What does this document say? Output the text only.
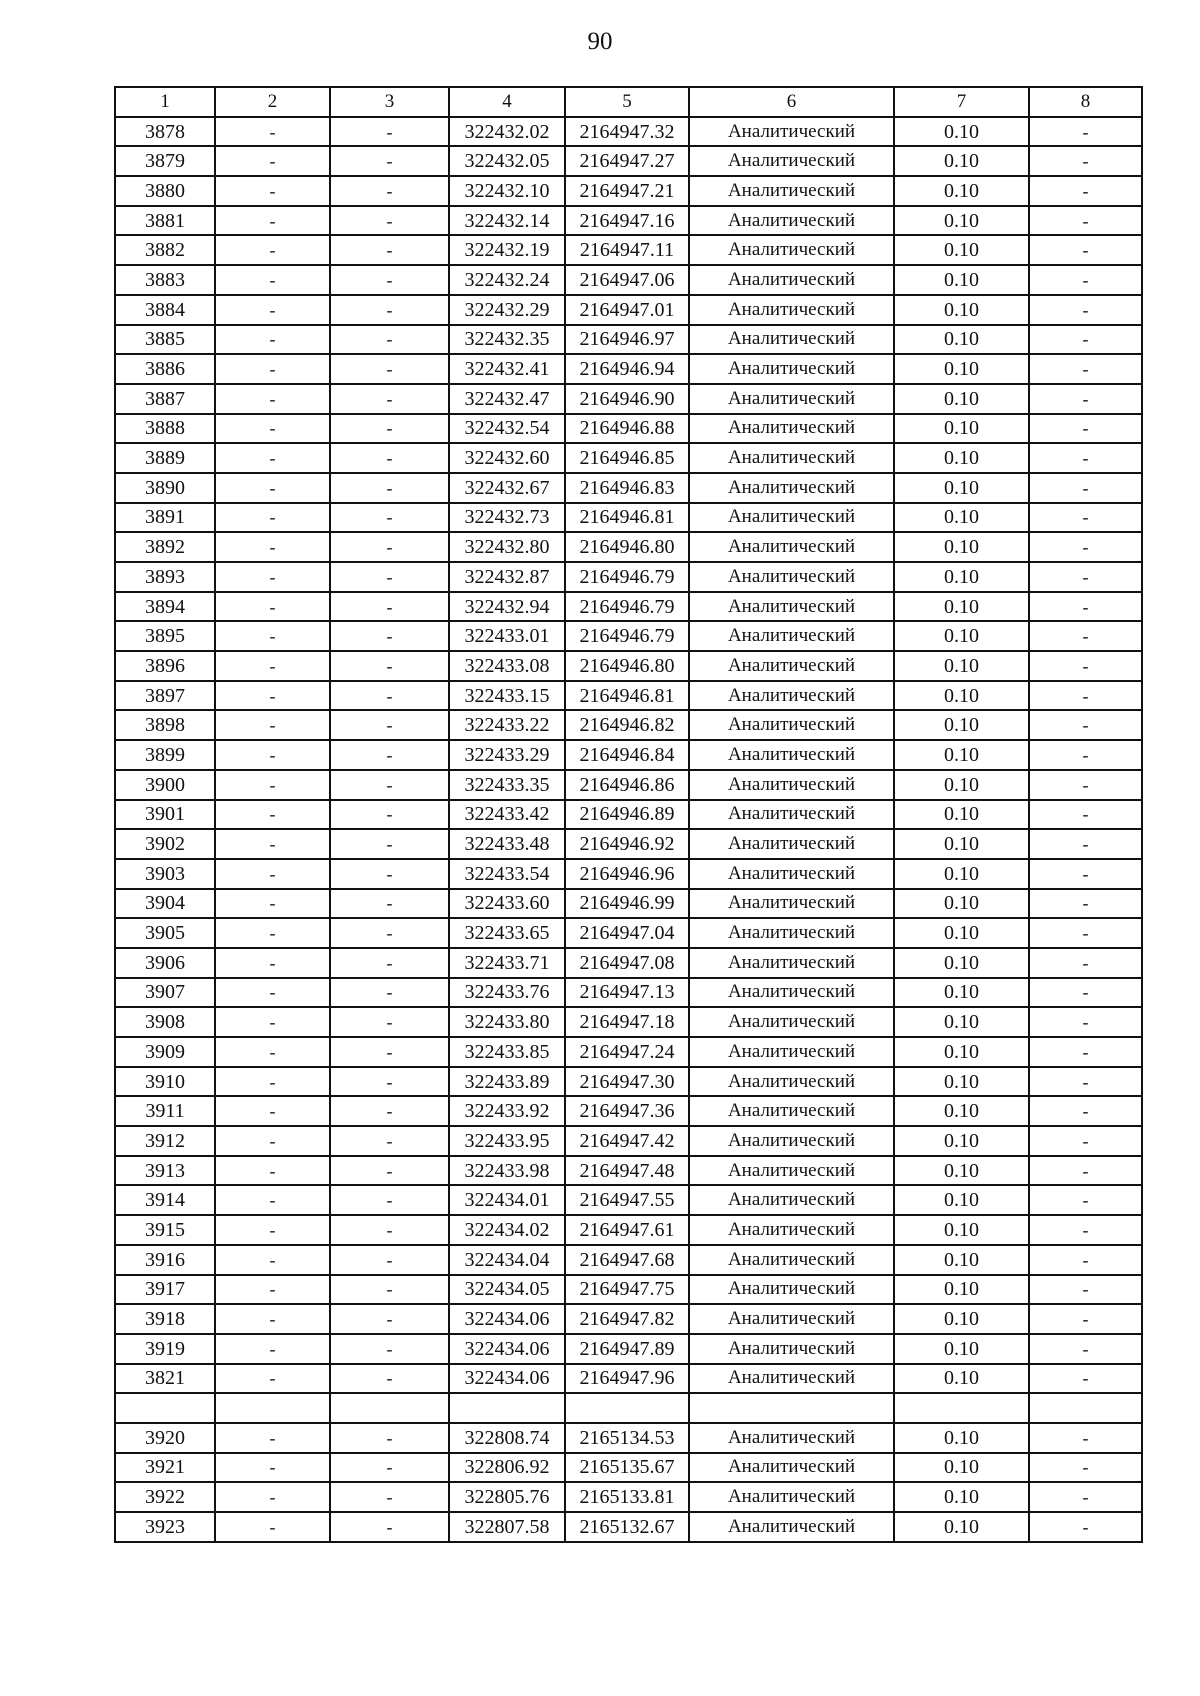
90
1	2	3	4	5	6	7	8
3878	-	-	322432.02	2164947.32	Аналитический	0.10	-
3879	-	-	322432.05	2164947.27	Аналитический	0.10	-
3880	-	-	322432.10	2164947.21	Аналитический	0.10	-
3881	-	-	322432.14	2164947.16	Аналитический	0.10	-
3882	-	-	322432.19	2164947.11	Аналитический	0.10	-
3883	-	-	322432.24	2164947.06	Аналитический	0.10	-
3884	-	-	322432.29	2164947.01	Аналитический	0.10	-
3885	-	-	322432.35	2164946.97	Аналитический	0.10	-
3886	-	-	322432.41	2164946.94	Аналитический	0.10	-
3887	-	-	322432.47	2164946.90	Аналитический	0.10	-
3888	-	-	322432.54	2164946.88	Аналитический	0.10	-
3889	-	-	322432.60	2164946.85	Аналитический	0.10	-
3890	-	-	322432.67	2164946.83	Аналитический	0.10	-
3891	-	-	322432.73	2164946.81	Аналитический	0.10	-
3892	-	-	322432.80	2164946.80	Аналитический	0.10	-
3893	-	-	322432.87	2164946.79	Аналитический	0.10	-
3894	-	-	322432.94	2164946.79	Аналитический	0.10	-
3895	-	-	322433.01	2164946.79	Аналитический	0.10	-
3896	-	-	322433.08	2164946.80	Аналитический	0.10	-
3897	-	-	322433.15	2164946.81	Аналитический	0.10	-
3898	-	-	322433.22	2164946.82	Аналитический	0.10	-
3899	-	-	322433.29	2164946.84	Аналитический	0.10	-
3900	-	-	322433.35	2164946.86	Аналитический	0.10	-
3901	-	-	322433.42	2164946.89	Аналитический	0.10	-
3902	-	-	322433.48	2164946.92	Аналитический	0.10	-
3903	-	-	322433.54	2164946.96	Аналитический	0.10	-
3904	-	-	322433.60	2164946.99	Аналитический	0.10	-
3905	-	-	322433.65	2164947.04	Аналитический	0.10	-
3906	-	-	322433.71	2164947.08	Аналитический	0.10	-
3907	-	-	322433.76	2164947.13	Аналитический	0.10	-
3908	-	-	322433.80	2164947.18	Аналитический	0.10	-
3909	-	-	322433.85	2164947.24	Аналитический	0.10	-
3910	-	-	322433.89	2164947.30	Аналитический	0.10	-
3911	-	-	322433.92	2164947.36	Аналитический	0.10	-
3912	-	-	322433.95	2164947.42	Аналитический	0.10	-
3913	-	-	322433.98	2164947.48	Аналитический	0.10	-
3914	-	-	322434.01	2164947.55	Аналитический	0.10	-
3915	-	-	322434.02	2164947.61	Аналитический	0.10	-
3916	-	-	322434.04	2164947.68	Аналитический	0.10	-
3917	-	-	322434.05	2164947.75	Аналитический	0.10	-
3918	-	-	322434.06	2164947.82	Аналитический	0.10	-
3919	-	-	322434.06	2164947.89	Аналитический	0.10	-
3821	-	-	322434.06	2164947.96	Аналитический	0.10	-

3920	-	-	322808.74	2165134.53	Аналитический	0.10	-
3921	-	-	322806.92	2165135.67	Аналитический	0.10	-
3922	-	-	322805.76	2165133.81	Аналитический	0.10	-
3923	-	-	322807.58	2165132.67	Аналитический	0.10	-
